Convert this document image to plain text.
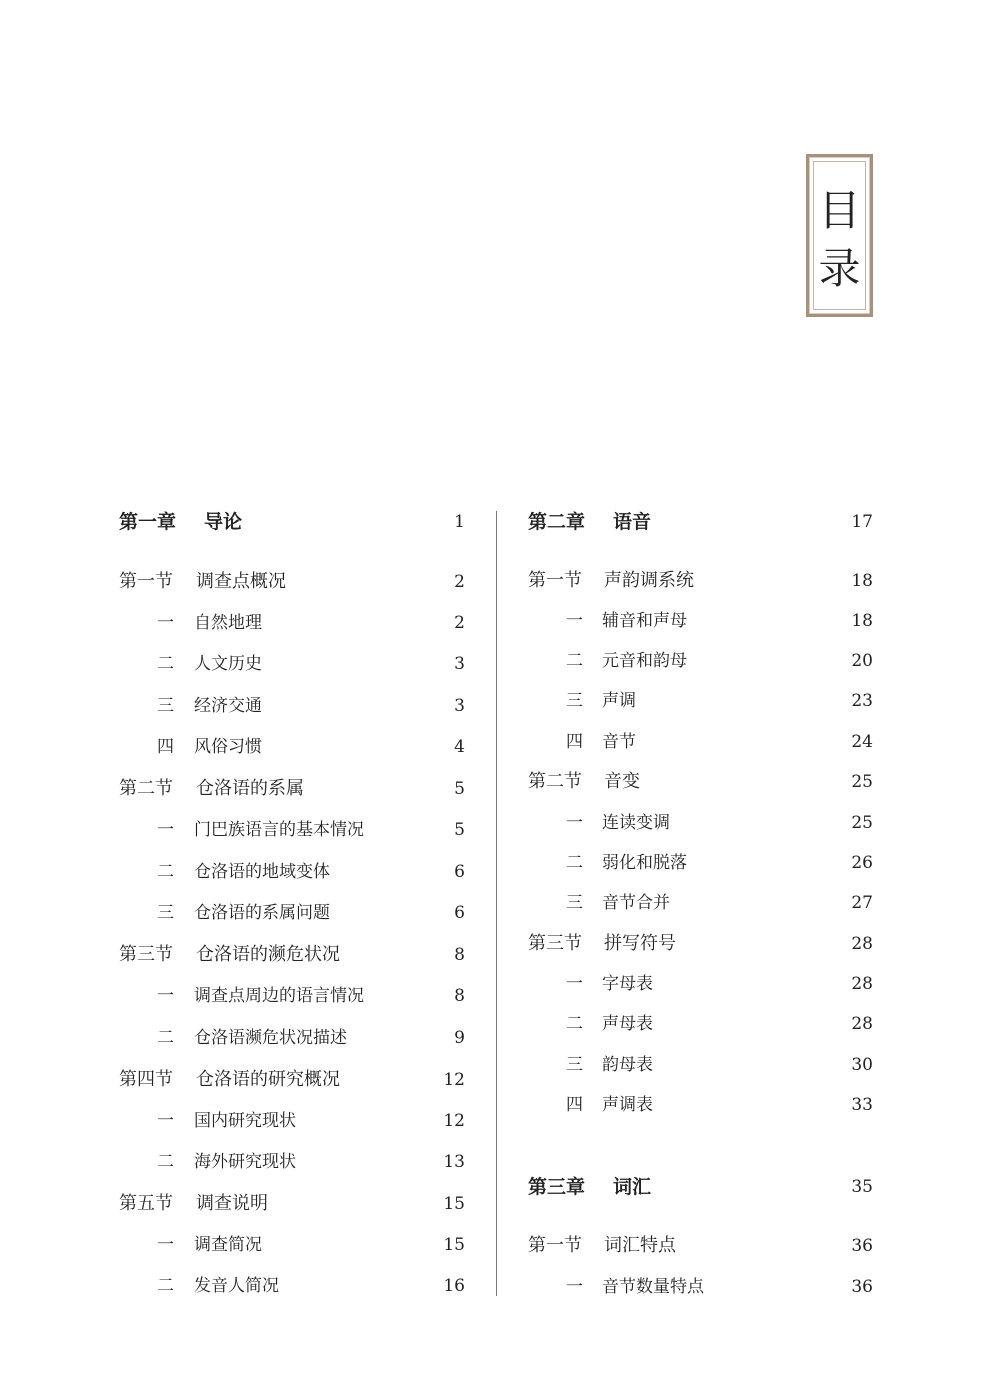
目
录
第一章 导论	1
第一节 调查点概况	2
一 自然地理	2
二 人文历史	3
三 经济交通	3
四 风俗习惯	4
第二节 仓洛语的系属	5
一 门巴族语言的基本情况	5
二 仓洛语的地域变体	6
三 仓洛语的系属问题	6
第三节 仓洛语的濒危状况	8
一 调查点周边的语言情况	8
二 仓洛语濒危状况描述	9
第四节 仓洛语的研究概况	12
一 国内研究现状	12
二 海外研究现状	13
第五节 调查说明	15
一 调查简况	15
二 发音人简况	16
第二章 语音	17
第一节 声韵调系统	18
一 辅音和声母	18
二 元音和韵母	20
三 声调	23
四 音节	24
第二节 音变	25
一 连读变调	25
二 弱化和脱落	26
三 音节合并	27
第三节 拼写符号	28
一 字母表	28
二 声母表	28
三 韵母表	30
四 声调表	33
第三章 词汇	35
第一节 词汇特点	36
一 音节数量特点	36
